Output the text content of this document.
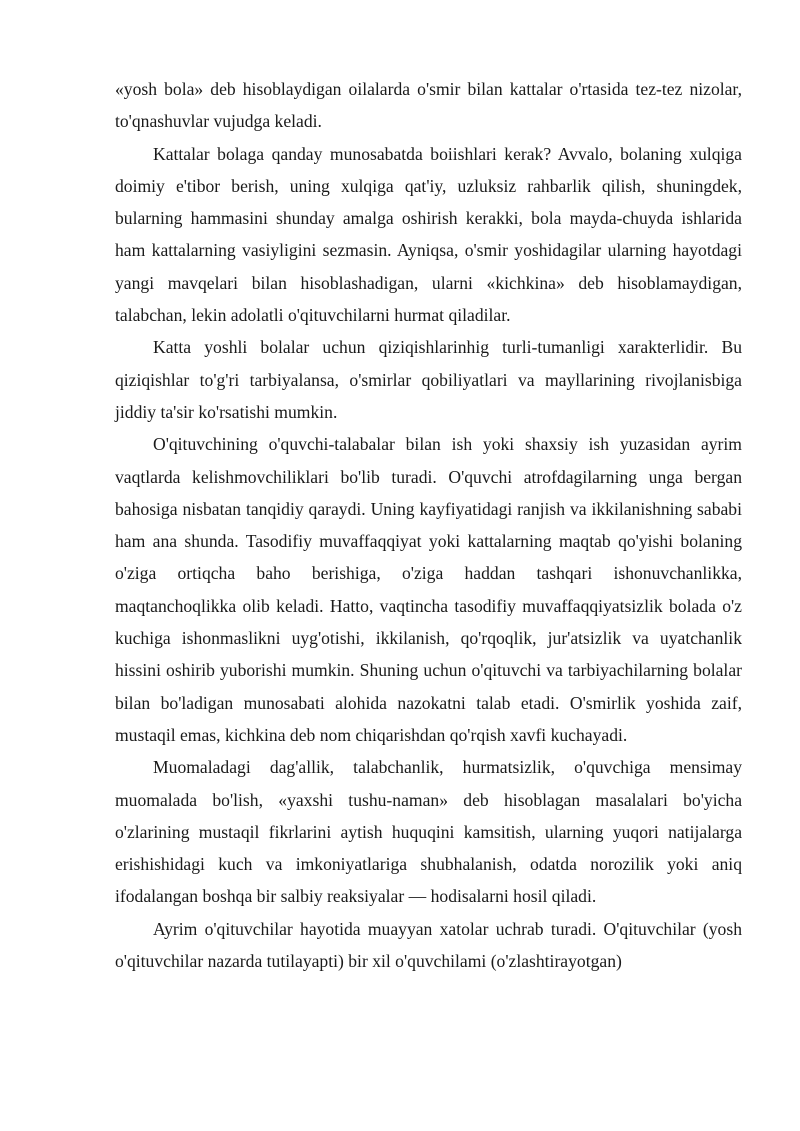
«yosh bola» deb hisoblaydigan oilalarda o'smir bilan kattalar o'rtasida tez-tez nizolar, to'qnashuvlar vujudga keladi.

Kattalar bolaga qanday munosabatda boiishlari kerak? Avvalo, bolaning xulqiga doimiy e'tibor berish, uning xulqiga qat'iy, uzluksiz rahbarlik qilish, shuningdek, bularning hammasini shunday amalga oshirish kerakki, bola mayda-chuyda ishlarida ham kattalarning vasiyligini sezmasin. Ayniqsa, o'smir yoshidagilar ularning hayotdagi yangi mavqelari bilan hisoblashadigan, ularni «kichkina» deb hisoblamaydigan, talabchan, lekin adolatli o'qituvchilarni hurmat qiladilar.

Katta yoshli bolalar uchun qiziqishlarinhig turli-tumanligi xarakterlidir. Bu qiziqishlar to'g'ri tarbiyalansa, o'smirlar qobiliyatlari va mayllarining rivojlanisbiga jiddiy ta'sir ko'rsatishi mumkin.

O'qituvchining o'quvchi-talabalar bilan ish yoki shaxsiy ish yuzasidan ayrim vaqtlarda kelishmovchiliklari bo'lib turadi. O'quvchi atrofdagilarning unga bergan bahosiga nisbatan tanqidiy qaraydi. Uning kayfiyatidagi ranjish va ikkilanishning sababi ham ana shunda. Tasodifiy muvaffaqqiyat yoki kattalarning maqtab qo'yishi bolaning o'ziga ortiqcha baho berishiga, o'ziga haddan tashqari ishonuvchanlikka, maqtanchoqlikka olib keladi. Hatto, vaqtincha tasodifiy muvaffaqqiyatsizlik bolada o'z kuchiga ishonmaslikni uyg'otishi, ikkilanish, qo'rqoqlik, jur'atsizlik va uyatchanlik hissini oshirib yuborishi mumkin. Shuning uchun o'qituvchi va tarbiyachilarning bolalar bilan bo'ladigan munosabati alohida nazokatni talab etadi. O'smirlik yoshida zaif, mustaqil emas, kichkina deb nom chiqarishdan qo'rqish xavfi kuchayadi.

Muomaladagi dag'allik, talabchanlik, hurmatsizlik, o'quvchiga mensimay muomalada bo'lish, «yaxshi tushu-naman» deb hisoblagan masalalari bo'yicha o'zlarining mustaqil fikrlarini aytish huquqini kamsitish, ularning yuqori natijalarga erishishidagi kuch va imkoniyatlariga shubhalanish, odatda norozilik yoki aniq ifodalangan boshqa bir salbiy reaksiyalar — hodisalarni hosil qiladi.

Ayrim o'qituvchilar hayotida muayyan xatolar uchrab turadi. O'qituvchilar (yosh o'qituvchilar nazarda tutilayapti) bir xil o'quvchilami (o'zlashtirayotgan)
